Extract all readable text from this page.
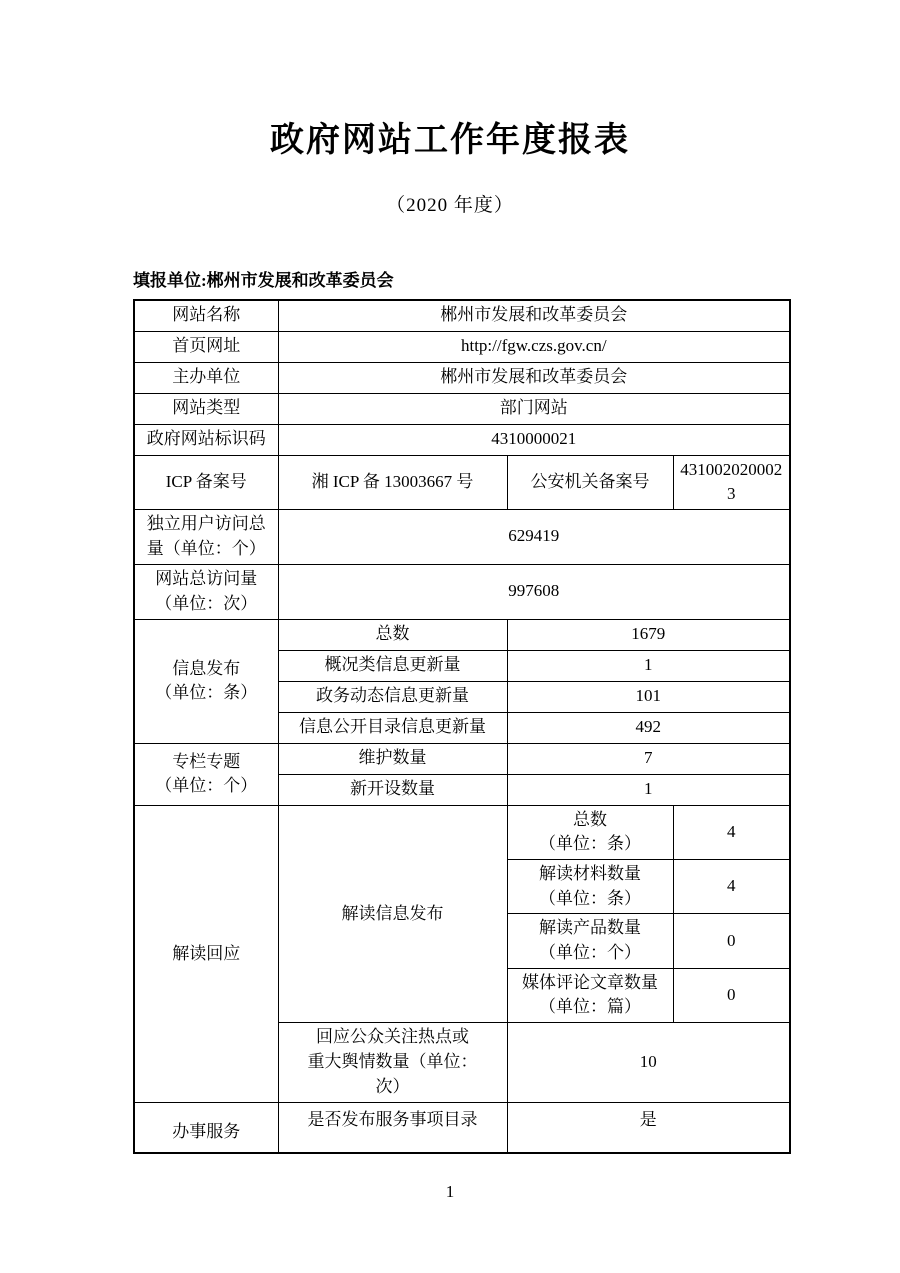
政府网站工作年度报表
（2020 年度）
填报单位:郴州市发展和改革委员会
网站名称	郴州市发展和改革委员会		
首页网址	http://fgw.czs.gov.cn/		
主办单位	郴州市发展和改革委员会		
网站类型	部门网站		
政府网站标识码	4310000021		
ICP 备案号	湘 ICP 备 13003667 号	公安机关备案号	4310020200023
独立用户访问总
量（单位：个）	629419		
网站总访问量
（单位：次）	997608		
信息发布
（单位：条）	总数	1679	
	概况类信息更新量	1	
	政务动态信息更新量	101	
	信息公开目录信息更新量	492	
专栏专题
（单位：个）	维护数量	7	
	新开设数量	1	
解读回应	解读信息发布	总数
（单位：条）	4
		解读材料数量
（单位：条）	4
		解读产品数量
（单位：个）	0
		媒体评论文章数量
（单位：篇）	0
	回应公众关注热点或
重大舆情数量（单位：
次）	10	
办事服务	是否发布服务事项目录	是	
1
